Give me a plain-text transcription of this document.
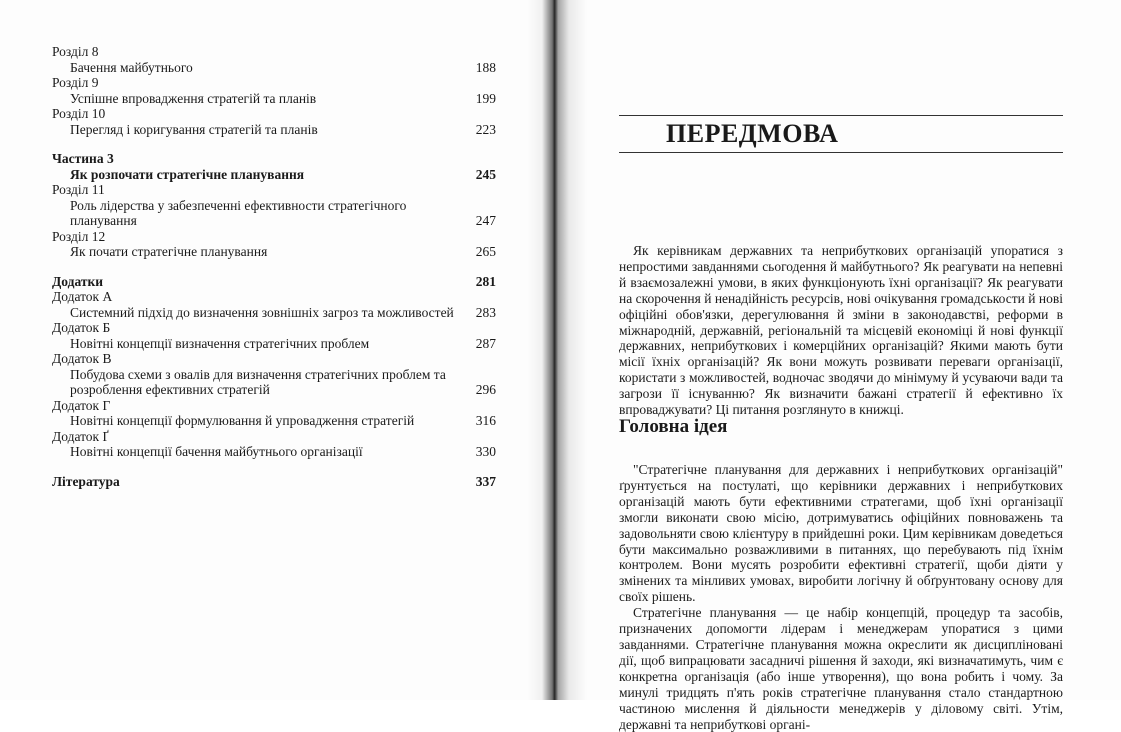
Розділ 8
Бачення майбутнього	188
Розділ 9
Успішне впровадження стратегій та планів	199
Розділ 10
Перегляд і коригування стратегій та планів	223
Частина 3
Як розпочати стратегічне планування	245
Розділ 11
Роль лідерства у забезпеченні ефективности стратегічного планування	247
Розділ 12
Як почати стратегічне планування	265
Додатки	281
Додаток А
Системний підхід до визначення зовнішніх загроз та можливостей	283
Додаток Б
Новітні концепції визначення стратегічних проблем	287
Додаток В
Побудова схеми з овалів для визначення стратегічних проблем та розроблення ефективних стратегій	296
Додаток Г
Новітні концепції формулювання й упровадження стратегій	316
Додаток Ґ
Новітні концепції бачення майбутнього організації	330
Література	337
ПЕРЕДМОВА

Як керівникам державних та неприбуткових організацій упоратися з непростими завданнями сьогодення й майбутнього? Як реагувати на непевні й взаємозалежні умови, в яких функціонують їхні організації? Як реагувати на скорочення й ненадійність ресурсів, нові очікування громадськости й нові офіційні обов'язки, дерегулювання й зміни в законодавстві, реформи в міжнародній, державній, регіональній та місцевій економіці й нові функції державних, неприбуткових і комерційних організацій? Якими мають бути місії їхніх організацій? Як вони можуть розвивати переваги організації, користати з можливостей, водночас зводячи до мінімуму й усуваючи вади та загрози її існуванню? Як визначити бажані стратегії й ефективно їх впроваджувати? Ці питання розглянуто в книжці.

Головна ідея

"Стратегічне планування для державних і неприбуткових організацій" ґрунтується на постулаті, що керівники державних і неприбуткових організацій мають бути ефективними стратегами, щоб їхні організації змогли виконати свою місію, дотримуватись офіційних повноважень та задовольняти свою клієнтуру в прийдешні роки. Цим керівникам доведеться бути максимально розважливими в питаннях, що перебувають під їхнім контролем. Вони мусять розробити ефективні стратегії, щоби діяти у змінених та мінливих умовах, виробити логічну й обґрунтовану основу для своїх рішень.

Стратегічне планування — це набір концепцій, процедур та засобів, призначених допомогти лідерам і менеджерам упоратися з цими завданнями. Стратегічне планування можна окреслити як дисципліновані дії, щоб випрацювати засадничі рішення й заходи, які визначатимуть, чим є конкретна організація (або інше утворення), що вона робить і чому. За минулі тридцять п'ять років стратегічне планування стало стандартною частиною мислення й діяльности менеджерів у діловому світі. Утім, державні та неприбуткові органі-
